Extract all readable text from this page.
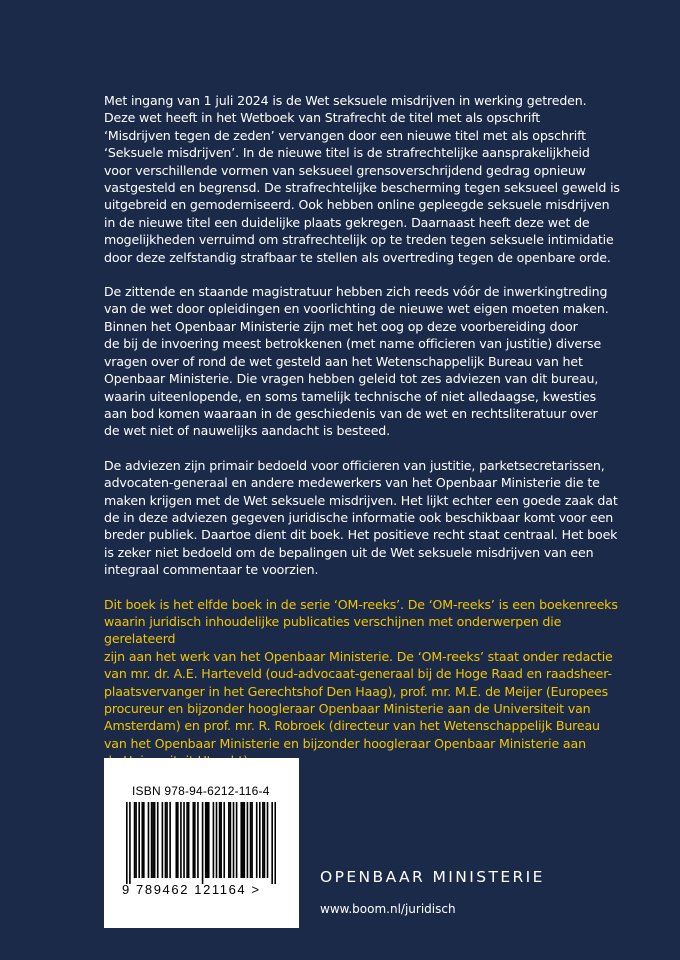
Met ingang van 1 juli 2024 is de Wet seksuele misdrijven in werking getreden.
Deze wet heeft in het Wetboek van Strafrecht de titel met als opschrift
‘Misdrijven tegen de zeden’ vervangen door een nieuwe titel met als opschrift
‘Seksuele misdrijven’. In de nieuwe titel is de strafrechtelijke aansprakelijkheid
voor verschillende vormen van seksueel grensoverschrijdend gedrag opnieuw
vastgesteld en begrensd. De strafrechtelijke bescherming tegen seksueel geweld is
uitgebreid en gemoderniseerd. Ook hebben online gepleegde seksuele misdrijven
in de nieuwe titel een duidelijke plaats gekregen. Daarnaast heeft deze wet de
mogelijkheden verruimd om strafrechtelijk op te treden tegen seksuele intimidatie
door deze zelfstandig strafbaar te stellen als overtreding tegen de openbare orde.

De zittende en staande magistratuur hebben zich reeds vóór de inwerkingtreding
van de wet door opleidingen en voorlichting de nieuwe wet eigen moeten maken.
Binnen het Openbaar Ministerie zijn met het oog op deze voorbereiding door
de bij de invoering meest betrokkenen (met name officieren van justitie) diverse
vragen over of rond de wet gesteld aan het Wetenschappelijk Bureau van het
Openbaar Ministerie. Die vragen hebben geleid tot zes adviezen van dit bureau,
waarin uiteenlopende, en soms tamelijk technische of niet alledaagse, kwesties
aan bod komen waaraan in de geschiedenis van de wet en rechtsliteratuur over
de wet niet of nauwelijks aandacht is besteed.

De adviezen zijn primair bedoeld voor officieren van justitie, parketsecretarissen,
advocaten-generaal en andere medewerkers van het Openbaar Ministerie die te
maken krijgen met de Wet seksuele misdrijven. Het lijkt echter een goede zaak dat
de in deze adviezen gegeven juridische informatie ook beschikbaar komt voor een
breder publiek. Daartoe dient dit boek. Het positieve recht staat centraal. Het boek
is zeker niet bedoeld om de bepalingen uit de Wet seksuele misdrijven van een
integraal commentaar te voorzien.

Dit boek is het elfde boek in de serie ‘OM-reeks’. De ‘OM-reeks’ is een boekenreeks
waarin juridisch inhoudelijke publicaties verschijnen met onderwerpen die gerelateerd
zijn aan het werk van het Openbaar Ministerie. De ‘OM-reeks’ staat onder redactie
van mr. dr. A.E. Harteveld (oud-advocaat-generaal bij de Hoge Raad en raadsheer-
plaatsvervanger in het Gerechtshof Den Haag), prof. mr. M.E. de Meijer (Europees
procureur en bijzonder hoogleraar Openbaar Ministerie aan de Universiteit van
Amsterdam) en prof. mr. R. Robroek (directeur van het Wetenschappelijk Bureau
van het Openbaar Ministerie en bijzonder hoogleraar Openbaar Ministerie aan

ISBN 978-94-6212-116-4
9 789462 121164 >
OPENBAAR MINISTERIE
www.boom.nl/juridisch
